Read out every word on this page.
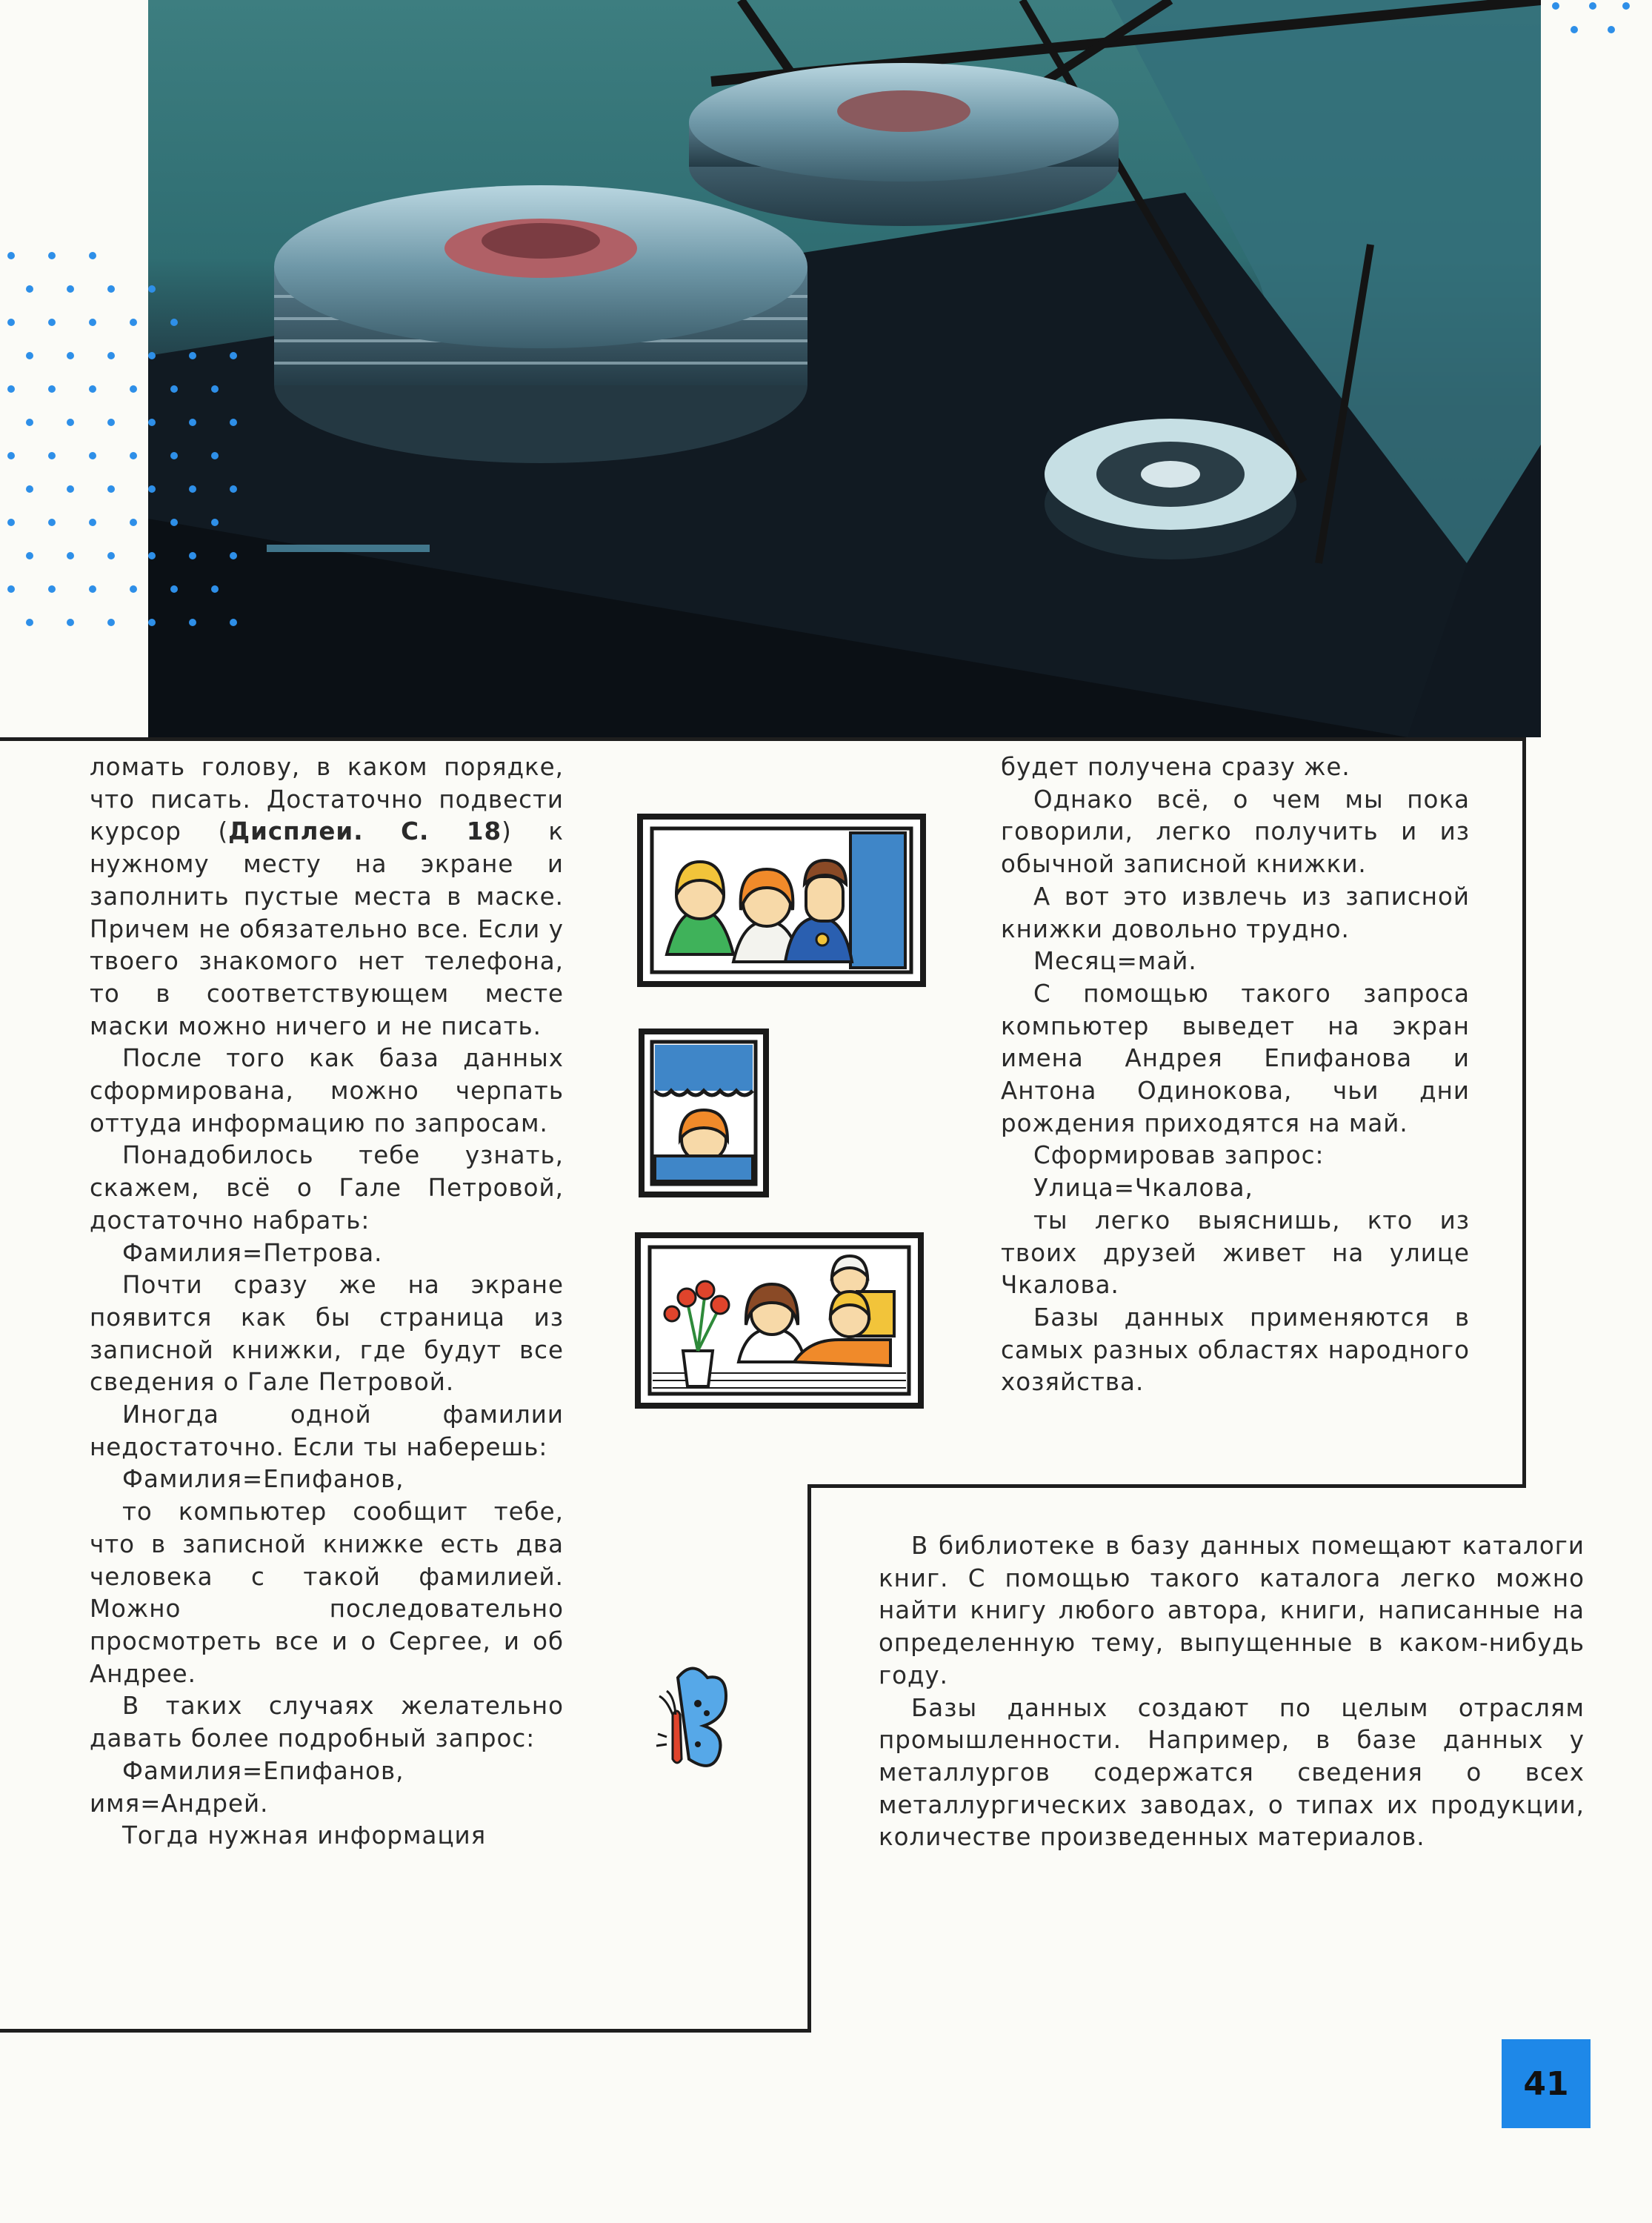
ломать голову, в каком порядке, что писать. Достаточно подвести курсор (Дисплеи. С. 18) к нужному месту на экране и заполнить пустые места в маске. Причем не обязательно все. Если у твоего знакомого нет телефона, то в соответствующем месте маски можно ничего и не писать.

После того как база данных сформирована, можно черпать оттуда информацию по запросам.

Понадобилось тебе узнать, скажем, всё о Гале Петровой, достаточно набрать:

Фамилия=Петрова.

Почти сразу же на экране появится как бы страница из записной книжки, где будут все сведения о Гале Петровой.

Иногда одной фамилии недостаточно. Если ты наберешь:

Фамилия=Епифанов,

то компьютер сообщит тебе, что в записной книжке есть два человека с такой фамилией. Можно последовательно просмотреть все и о Сергее, и об Андрее.

В таких случаях желательно давать более подробный запрос:

Фамилия=Епифанов, имя=Андрей.

Тогда нужная информация

будет получена сразу же.

Однако всё, о чем мы пока говорили, легко получить и из обычной записной книжки.

А вот это извлечь из записной книжки довольно трудно.

Месяц=май.

С помощью такого запроса компьютер выведет на экран имена Андрея Епифанова и Антона Одинокова, чьи дни рождения приходятся на май.

Сформировав запрос:

Улица=Чкалова,

ты легко выяснишь, кто из твоих друзей живет на улице Чкалова.

Базы данных применяются в самых разных областях народного хозяйства.

В библиотеке в базу данных помещают каталоги книг. С помощью такого каталога легко можно найти книгу любого автора, книги, написанные на определенную тему, выпущенные в каком-нибудь году.

Базы данных создают по целым отраслям промышленности. Например, в базе данных у металлургов содержатся сведения о всех металлургических заводах, о типах их продукции, количестве произведенных материалов.

41
